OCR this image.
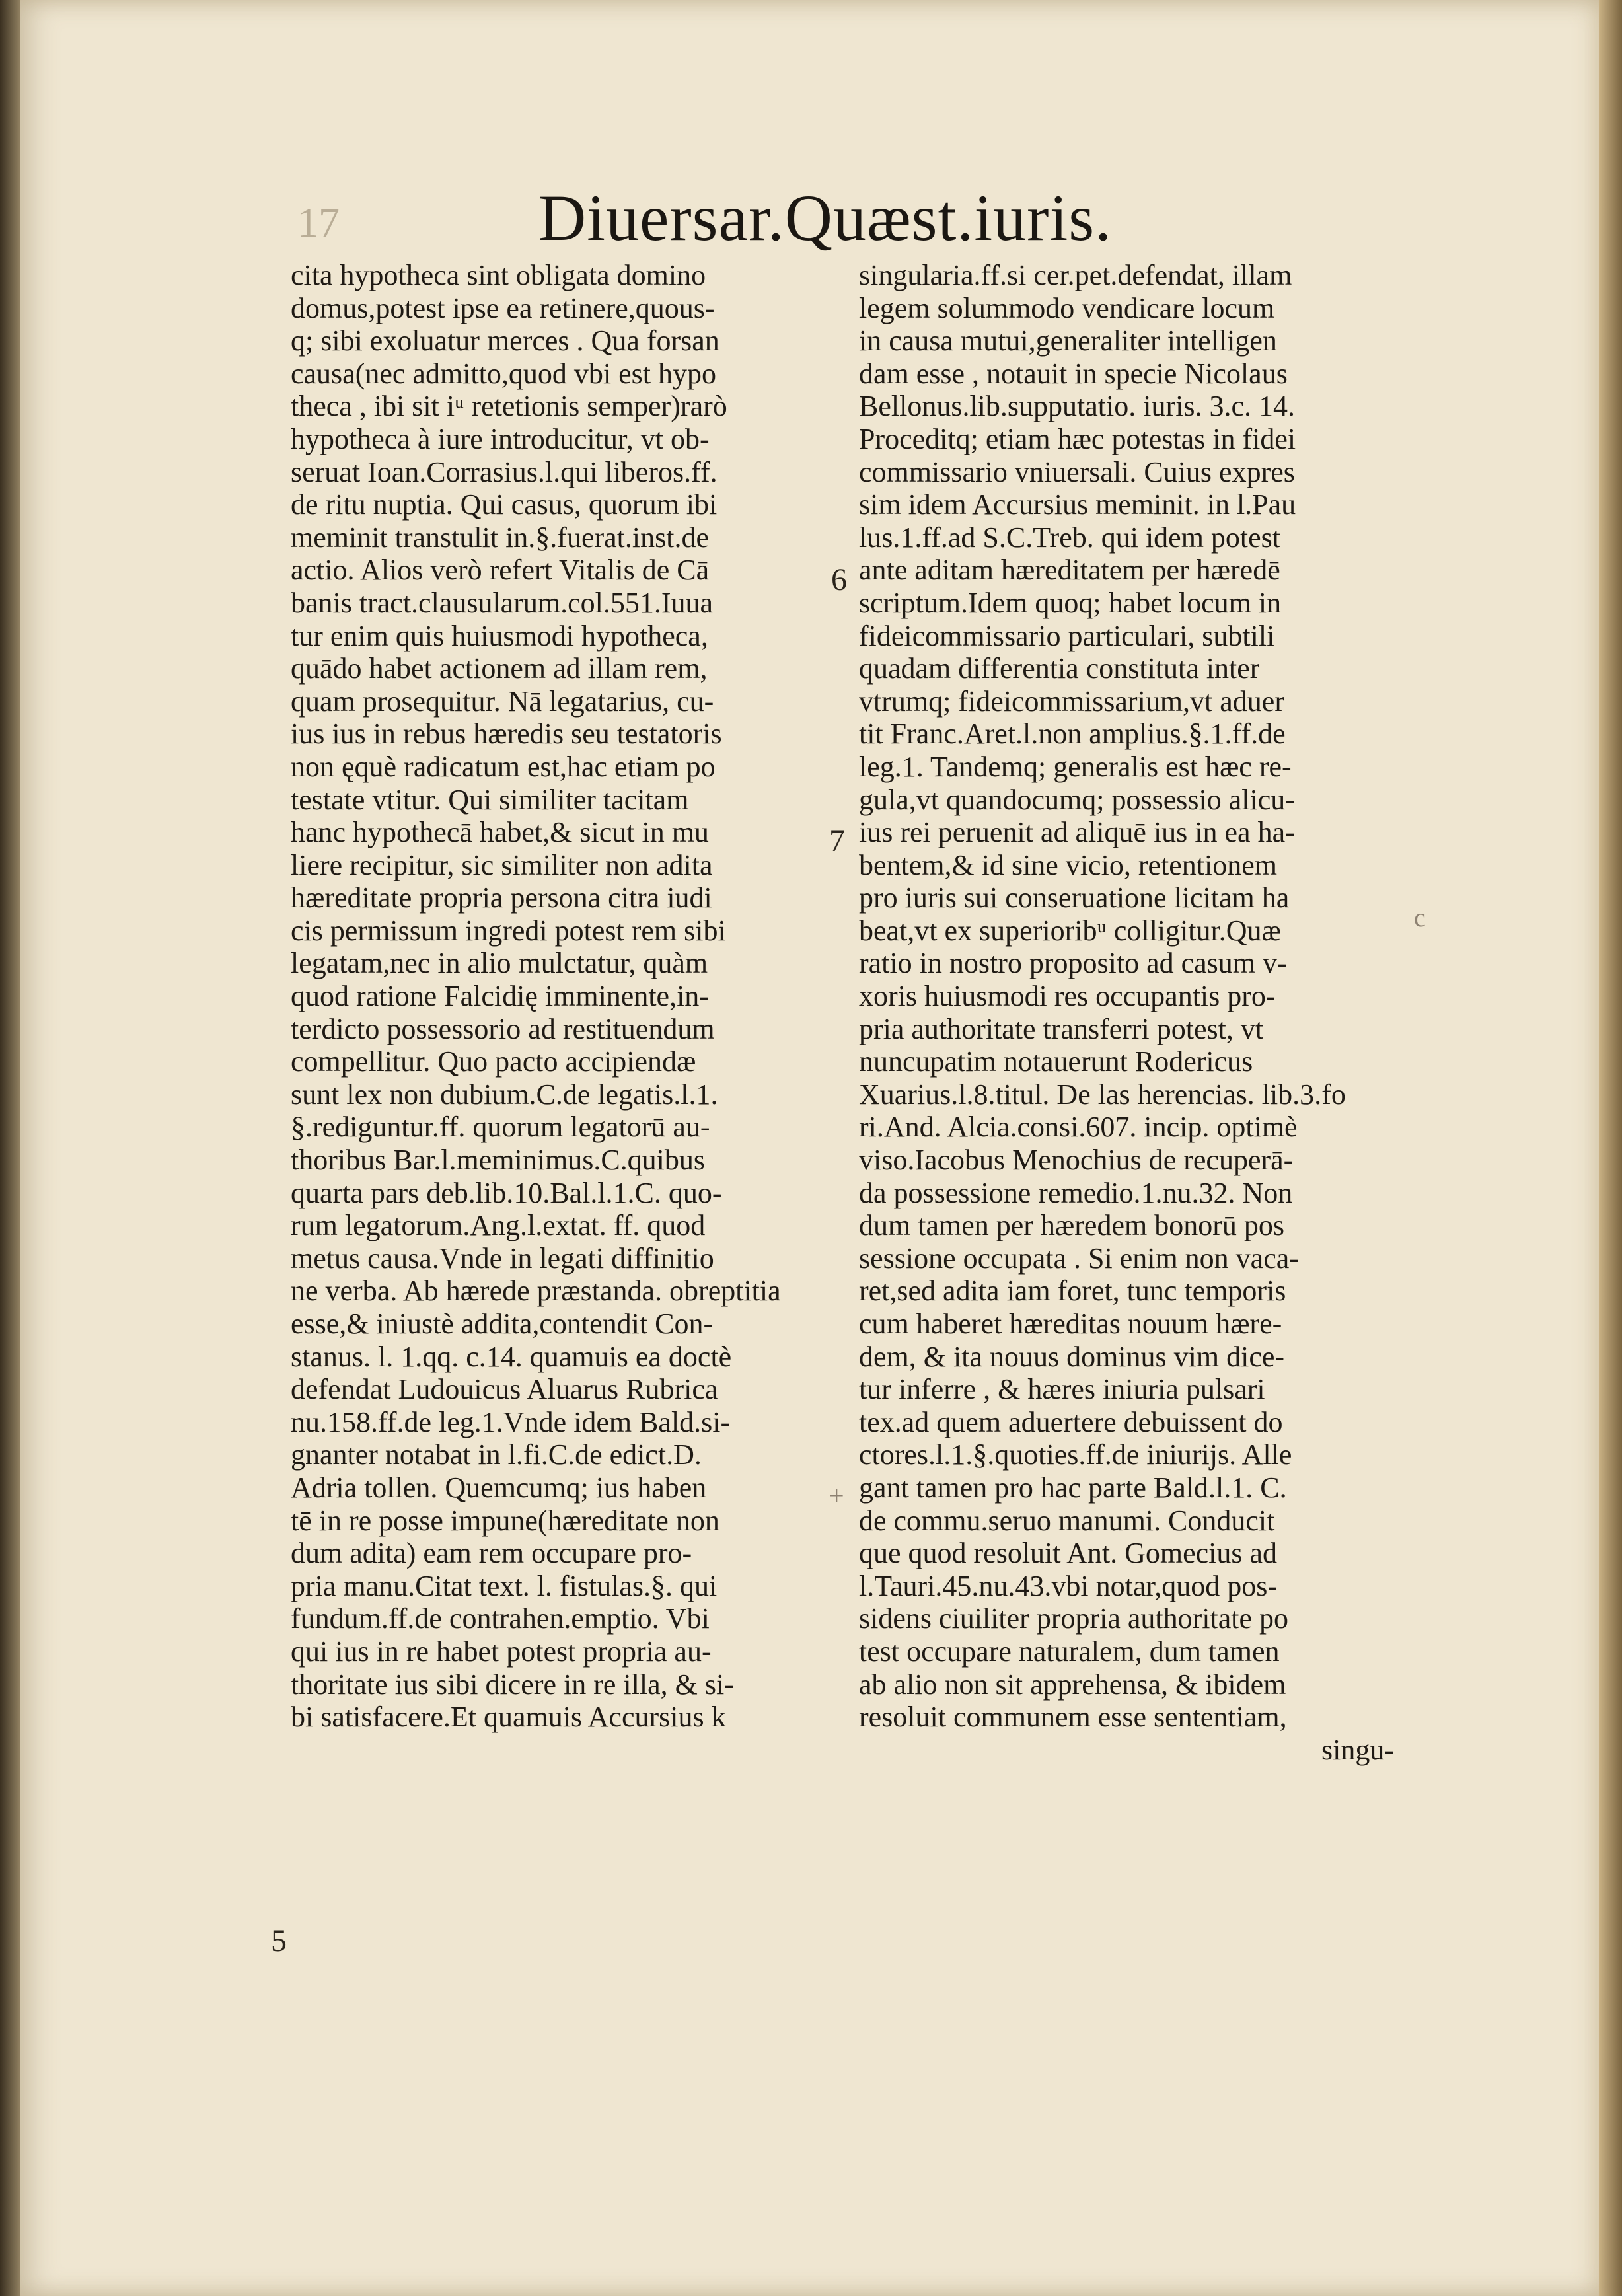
17	Diuersar.Quæst.iuris.
cita hypotheca sint obligata domino
domus,potest ipse ea retinere,quous-
q; sibi exoluatur merces . Qua forsan
causa(nec admitto,quod vbi est hypo
theca , ibi sit iᵘ retetionis semper)rarò
hypotheca à iure introducitur, vt ob-
seruat Ioan.Corrasius.l.qui liberos.ff.
de ritu nuptia. Qui casus, quorum ibi
meminit transtulit in.§.fuerat.inst.de
actio. Alios verò refert Vitalis de Cā
banis tract.clausularum.col.551.Iuua
tur enim quis huiusmodi hypotheca,
quādo habet actionem ad illam rem,
quam prosequitur. Nā legatarius, cu-
ius ius in rebus hæredis seu testatoris
non ęquè radicatum est,hac etiam po
testate vtitur. Qui similiter tacitam
hanc hypothecā habet,& sicut in mu
liere recipitur, sic similiter non adita
hæreditate propria persona citra iudi
cis permissum ingredi potest rem sibi
legatam,nec in alio mulctatur, quàm
quod ratione Falcidię imminente,in-
terdicto possessorio ad restituendum
compellitur. Quo pacto accipiendæ
sunt lex non dubium.C.de legatis.l.1.
§.rediguntur.ff. quorum legatorū au-
thoribus Bar.l.meminimus.C.quibus
quarta pars deb.lib.10.Bal.l.1.C. quo-
rum legatorum.Ang.l.extat. ff. quod
metus causa.Vnde in legati diffinitio
ne verba. Ab hærede præstanda. obreptitia
esse,& iniustè addita,contendit Con-
stanus. l. 1.qq. c.14. quamuis ea doctè
defendat Ludouicus Aluarus Rubrica
nu.158.ff.de leg.1.Vnde idem Bald.si-
gnanter notabat in l.fi.C.de edict.D.
Adria tollen. Quemcumq; ius haben
tē in re posse impune(hæreditate non
dum adita) eam rem occupare pro-
pria manu.Citat text. l. fistulas.§. qui
fundum.ff.de contrahen.emptio. Vbi
qui ius in re habet potest propria au-
thoritate ius sibi dicere in re illa, & si-
bi satisfacere.Et quamuis Accursius k
singularia.ff.si cer.pet.defendat, illam
legem solummodo vendicare locum
in causa mutui,generaliter intelligen
dam esse , notauit in specie Nicolaus
Bellonus.lib.supputatio. iuris. 3.c. 14.
Proceditq; etiam hæc potestas in fidei
commissario vniuersali. Cuius expres
sim idem Accursius meminit. in l.Pau
lus.1.ff.ad S.C.Treb. qui idem potest
ante aditam hæreditatem per hæredē
scriptum.Idem quoq; habet locum in
fideicommissario particulari, subtili
quadam differentia constituta inter
vtrumq; fideicommissarium,vt aduer
tit Franc.Aret.l.non amplius.§.1.ff.de
leg.1. Tandemq; generalis est hæc re-
gula,vt quandocumq; possessio alicu-
ius rei peruenit ad aliquē ius in ea ha-
bentem,& id sine vicio, retentionem
pro iuris sui conseruatione licitam ha
beat,vt ex superioribᵘ colligitur.Quæ
ratio in nostro proposito ad casum v-
xoris huiusmodi res occupantis pro-
pria authoritate transferri potest, vt
nuncupatim notauerunt Rodericus
Xuarius.l.8.titul. De las herencias. lib.3.fo
ri.And. Alcia.consi.607. incip. optimè
viso.Iacobus Menochius de recuperā-
da possessione remedio.1.nu.32. Non
dum tamen per hæredem bonorū pos
sessione occupata . Si enim non vaca-
ret,sed adita iam foret, tunc temporis
cum haberet hæreditas nouum hære-
dem, & ita nouus dominus vim dice-
tur inferre , & hæres iniuria pulsari
tex.ad quem aduertere debuissent do
ctores.l.1.§.quoties.ff.de iniurijs. Alle
gant tamen pro hac parte Bald.l.1. C.
de commu.seruo manumi. Conducit
que quod resoluit Ant. Gomecius ad
l.Tauri.45.nu.43.vbi notar,quod pos-
sidens ciuiliter propria authoritate po
test occupare naturalem, dum tamen
ab alio non sit apprehensa, & ibidem
resoluit communem esse sententiam,
singu-
6
7
5
+
c
